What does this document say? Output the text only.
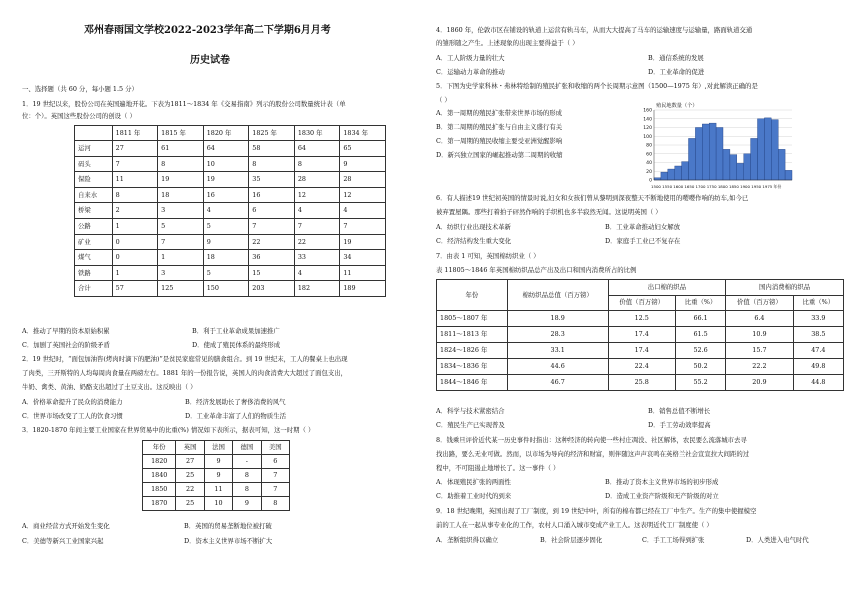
邓州春雨国文学校2022-2023学年高二下学期6月月考
历史试卷
一、选择题（共 60 分，每小题 1.5 分）
1．19 世纪以来，股份公司在英国遍地开花。下表为1811～1834 年《交易指南》列示的股份公司数量统计表（单
位：个）。英国这些股份公司的创设（ ）
	1811 年	1815 年	1820 年	1825 年	1830 年	1834 年
运河	27	61	64	58	64	65
码头	7	8	10	8	8	9
保险	11	19	19	35	28	28
自来水	8	18	16	16	12	12
桥梁	2	3	4	6	4	4
公路	1	5	5	7	7	7
矿业	0	7	9	22	22	19
煤气	0	1	18	36	33	34
铁路	1	3	5	15	4	11
合计	57	125	150	203	182	189
A．推动了早期的资本原始积累	B．利于工业革命成果加速推广
C．加剧了英国社会的阶级矛盾	D．使成了殖民体系的最终形成
2．19 世纪时，“面包加油咨(烤肉时滴下的肥油)”是贫民家庭常见的膳食组合。到 19 世纪末，工人的餐桌上也出现
了肉类，三开斯特的人均每周肉食量在两磅左右。1881 年的一份报告说，英国人的肉食消费大大超过了面包支出，
牛奶、禽类、黄油、奶酪支出超过了土豆支出。这反映出（ ）
A．价格革命提升了民众的消费能力	B．经济发展助长了奢侈消费的风气
C．世界市场改变了工人的饮食习惯	D．工业革命丰富了人们的物质生活
3．1820-1870 年间主要工业国家在世界贸易中的比重(%) 情况如下表所示，据表可知，这一时期（ ）
年份	英国	法国	德国	美国
1820	27	9	-	6
1840	25	9	8	7
1850	22	11	8	7
1870	25	10	9	8
A．商业经营方式开始发生变化	B．英国的贸易垄断地位被打破
C．美德等新兴工业国家兴起	D．资本主义世界市场不断扩大
4．1860 年，伦敦市区在铺设的轨道上运营有轨马车，从而大大提高了马车的运输速度与运输量，路面轨道交通
的雏形随之产生。上述现象的出现主要得益于（ ）
A．工人阶级力量的壮大	B．通信系统的发展
C．运输动力革命的推动	D．工业革命的促进
5．下图为史学家科林・弗林特绘制的殖民扩张和收缩的两个长周期示意图（1500—1975 年）,对此解读正确的是
（ ）
A．第一周期的殖民扩张带来世界市场的形成
B．第二周期的殖民扩张与自由主义盛行有关
C．第一周期的殖民收缩主要受亚洲觉醒影响
D．新兴独立国家的崛起推动第二周期的收缩
殖民地数量（个）
0
20
40
60
80
100
120
140
160
1500 1550 1600 1650 1700 1750 1800 1850 1900 1950 1975 年份
6．有人描述19 世纪初英国的情景时说,妇女和女孩们曾从黎明到深夜整天不断地使用的嘤嘤作响的纺车,如今已
被弃置屋隅。那些打着拍子砰然作响的手织机也多半寂然无闻。这说明英国（ ）
A．纺织行业出现技术革新	B．工业革命推动妇女解放
C．经济结构发生重大变化	D．家庭手工业已不复存在
7．由表 1 可知，英国棉纺织业（ ）
表 11805～1846 年英国棉纺织品总产出及出口和国内消费所占的比例
年份	棉纺织品总值（百万镑）	出口棉的织品		国内消费棉的织品	
		价值（百万镑）	比重（%）	价值（百万镑）	比重（%）
1805～1807 年	18.9	12.5	66.1	6.4	33.9
1811～1813 年	28.3	17.4	61.5	10.9	38.5
1824～1826 年	33.1	17.4	52.6	15.7	47.4
1834～1836 年	44.6	22.4	50.2	22.2	49.8
1844～1846 年	46.7	25.8	55.2	20.9	44.8
A．科学与技术紧密结合	B．销售总值不断增长
C．殖民生产已实现普及	D．手工劳动效率提高
8．钱乘旦评价近代某一历史事件时指出：这种经济的转向使一些村庄凋没、社区解体，农民要么流落城市去寻
找出路，要么无业可做。然而，以市场为导向的经济和财富，则伴随这声声哀鸣在英格兰社会宣宣拉大间距的过
程中，不可阻遏止地增长了。这一事件（ ）
A．体现殖民扩张的两面性	B．推动了资本主义世界市场的初步形成
C．助推着工业时代的到来	D．造成工业资产阶级和无产阶级的对立
9．18 世纪晚期，英国出现了工厂制度，到 19 世纪中叶，所有的棉布都已经在工厂中生产。生产的集中使握模空
前的工人在一起从事专业化的工作，农村人口涌入城市变成产业工人。这表明近代工厂制度使（ ）
A．垄断组织得以确立	B．社会阶层逐步固化	C．手工工场得到扩张	D．人类进入电气时代
